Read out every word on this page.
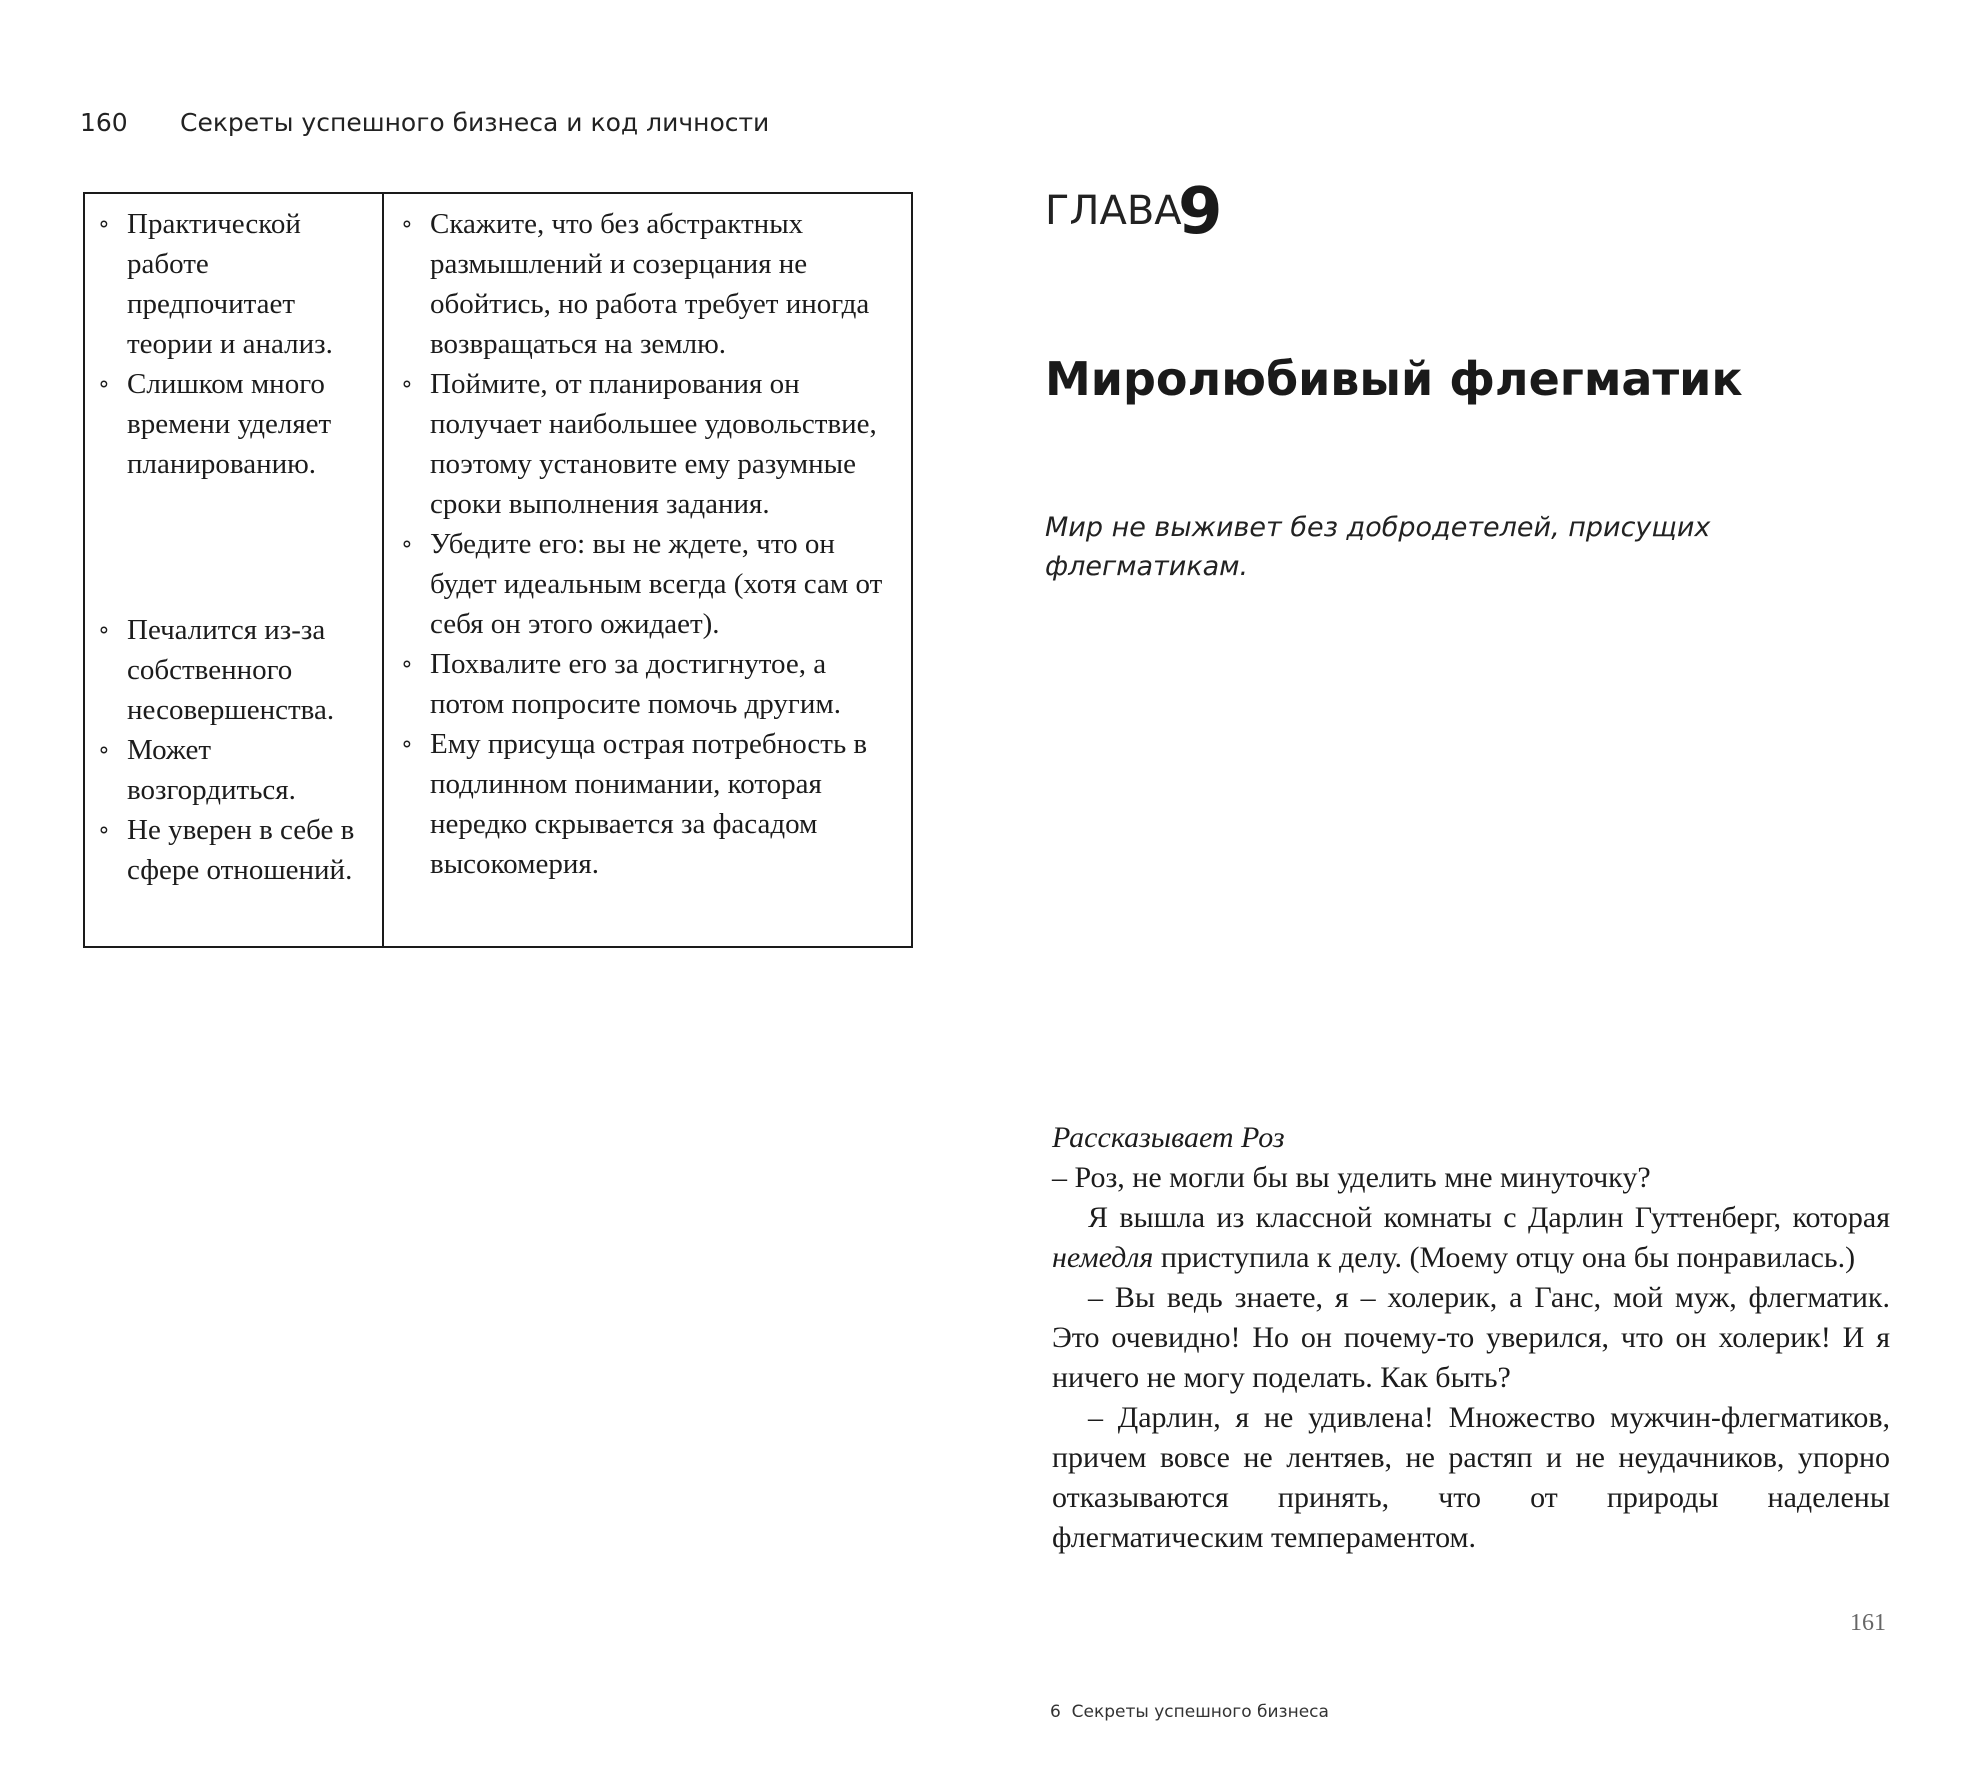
160 Секреты успешного бизнеса и код личности
∘ Практической работе предпочитает теории и анализ.
∘ Слишком много времени уделяет планированию.
∘ Печалится из-за собственного несовершенства.
∘ Может возгордиться.
∘ Не уверен в себе в сфере отношений.
∘ Скажите, что без абстрактных размышлений и созерцания не обойтись, но работа требует иногда возвращаться на землю.
∘ Поймите, от планирования он получает наибольшее удовольствие, поэтому установите ему разумные сроки выполнения задания.
∘ Убедите его: вы не ждете, что он будет идеальным всегда (хотя сам от себя он этого ожидает).
∘ Похвалите его за достигнутое, а потом попросите помочь другим.
∘ Ему присуща острая потребность в подлинном понимании, которая нередко скрывается за фасадом высокомерия.
ГЛАВА
9
Миролюбивый флегматик
Мир не выживет без добродетелей, присущих флегматикам.

Рассказывает Роз

– Роз, не могли бы вы уделить мне минуточку?

Я вышла из классной комнаты с Дарлин Гуттенберг, которая немедля приступила к делу. (Моему отцу она бы понравилась.)

– Вы ведь знаете, я – холерик, а Ганс, мой муж, флегматик. Это очевидно! Но он почему-то уверился, что он холерик! И я ничего не могу поделать. Как быть?

– Дарлин, я не удивлена! Множество мужчин-флегматиков, причем вовсе не лентяев, не растяп и не неудачников, упорно отказываются принять, что от природы наделены флегматическим темпераментом.

161
6 Секреты успешного бизнеса
